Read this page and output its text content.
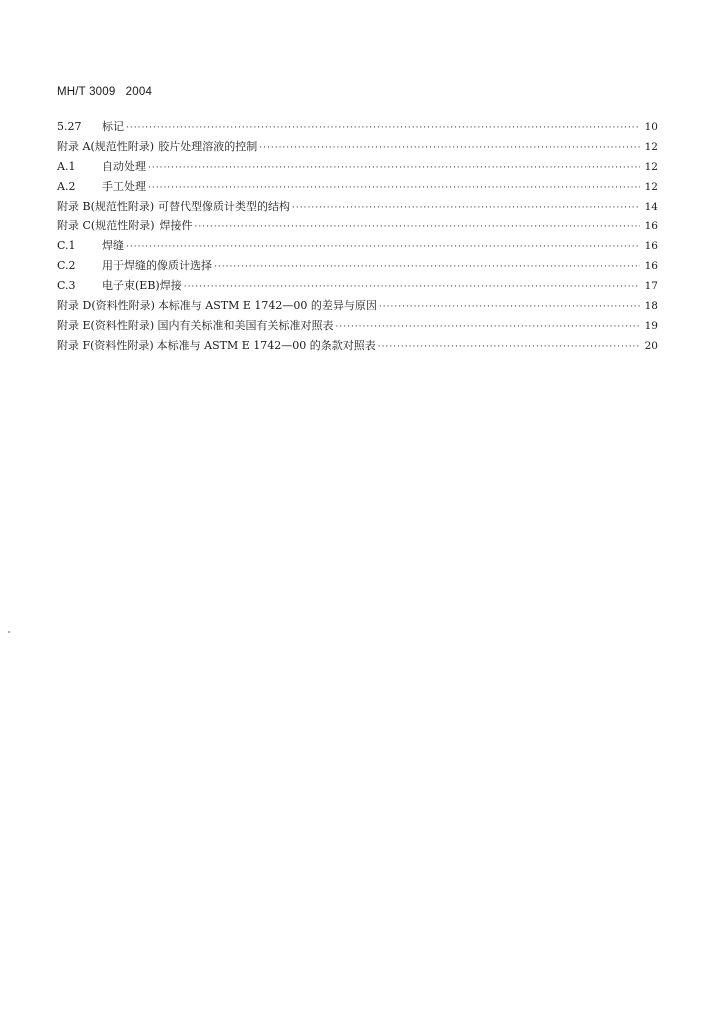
MH/T 3009   2004
5.27	标记 ·····	10
附录 A(规范性附录) 胶片处理溶液的控制 ·····	12
A.1	自动处理 ·····	12
A.2	手工处理 ·····	12
附录 B(规范性附录) 可替代型像质计类型的结构 ·····	14
附录 C(规范性附录) 焊接件 ·····	16
C.1	焊缝 ·····	16
C.2	用于焊缝的像质计选择 ·····	16
C.3	电子束(EB)焊接 ·····	17
附录 D(资料性附录) 本标准与 ASTM E 1742—00 的差异与原因 ·····	18
附录 E(资料性附录) 国内有关标准和美国有关标准对照表 ·····	19
附录 F(资料性附录) 本标准与 ASTM E 1742—00 的条款对照表 ·····	20
